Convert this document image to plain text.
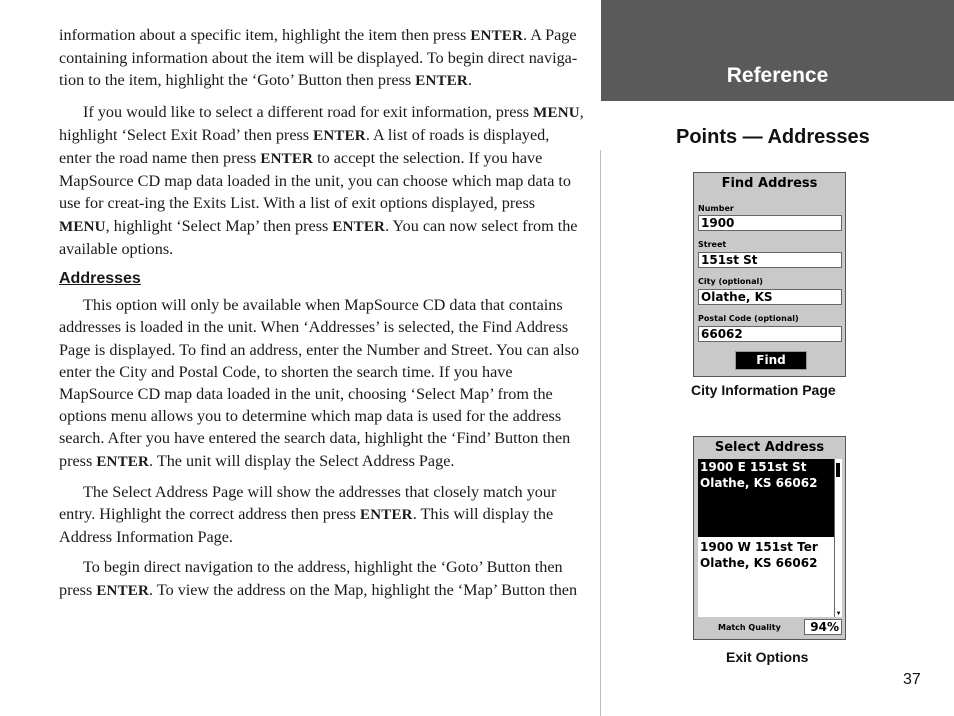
information about a specific item, highlight the item then press ENTER. A Page containing information about the item will be displayed. To begin direct naviga-tion to the item, highlight the ‘Goto’ Button then press ENTER.

If you would like to select a different road for exit information, press MENU, highlight ‘Select Exit Road’ then press ENTER. A list of roads is displayed, enter the road name then press ENTER to accept the selection. If you have MapSource CD map data loaded in the unit, you can choose which map data to use for creat-ing the Exits List. With a list of exit options displayed, press MENU, highlight ‘Select Map’ then press ENTER. You can now select from the available options.

Addresses

This option will only be available when MapSource CD data that contains addresses is loaded in the unit. When ‘Addresses’ is selected, the Find Address Page is displayed. To find an address, enter the Number and Street. You can also enter the City and Postal Code, to shorten the search time. If you have MapSource CD map data loaded in the unit, choosing ‘Select Map’ from the options menu allows you to determine which map data is used for the address search. After you have entered the search data, highlight the ‘Find’ Button then press ENTER. The unit will display the Select Address Page.

The Select Address Page will show the addresses that closely match your entry. Highlight the correct address then press ENTER. This will display the Address Information Page.

To begin direct navigation to the address, highlight the ‘Goto’ Button then press ENTER. To view the address on the Map, highlight the ‘Map’ Button then

Reference
Points — Addresses
Find Address
Number
1900
Street
151st St
City (optional)
Olathe, KS
Postal Code (optional)
66062
Find
City Information Page
Select Address
1900 E 151st St
Olathe, KS 66062
1900 W 151st Ter
Olathe, KS 66062
▼
Match Quality	94%
Exit Options
37
